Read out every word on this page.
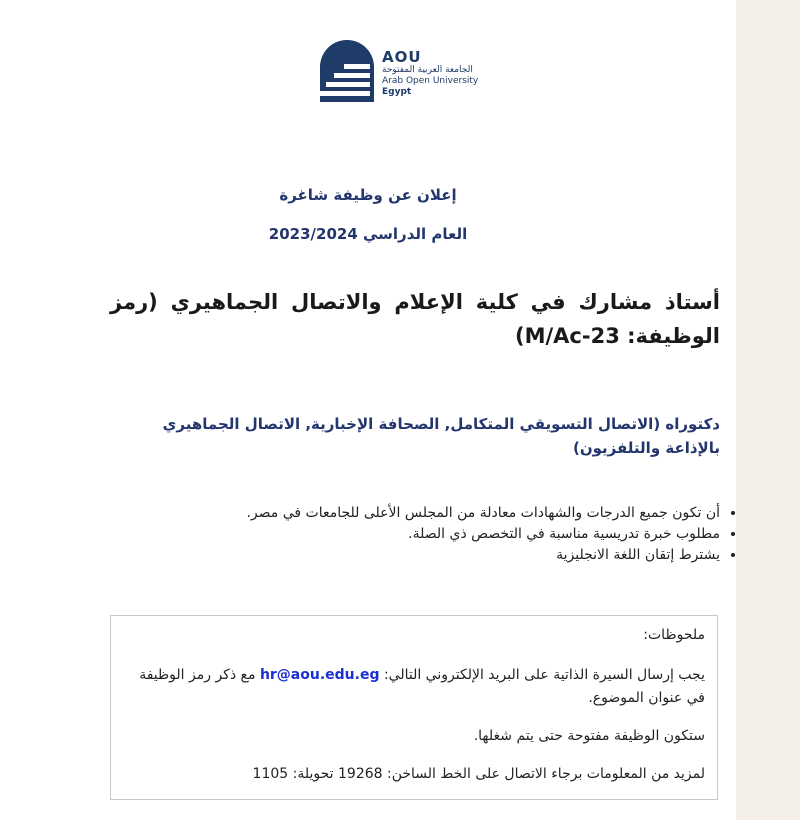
AOU
الجامعة العربية المفتوحة
Arab Open University
Egypt
إعلان عن وظيفة شاغرة
العام الدراسي 2023/2024
أستاذ مشارك في كلية الإعلام والاتصال الجماهيري (رمز الوظيفة: M/Ac-23)
دكتوراه (الاتصال التسويقي المتكامل, الصحافة الإخبارية, الاتصال الجماهيري بالإذاعة والتلفزيون)
• أن تكون جميع الدرجات والشهادات معادلة من المجلس الأعلى للجامعات في مصر.
• مطلوب خبرة تدريسية مناسبة في التخصص ذي الصلة.
• يشترط إتقان اللغة الانجليزية

ملحوظات:

يجب إرسال السيرة الذاتية على البريد الإلكتروني التالي: hr@aou.edu.eg مع ذكر رمز الوظيفة في عنوان الموضوع.

ستكون الوظيفة مفتوحة حتى يتم شغلها.

لمزيد من المعلومات برجاء الاتصال على الخط الساخن: 19268 تحويلة: 1105
